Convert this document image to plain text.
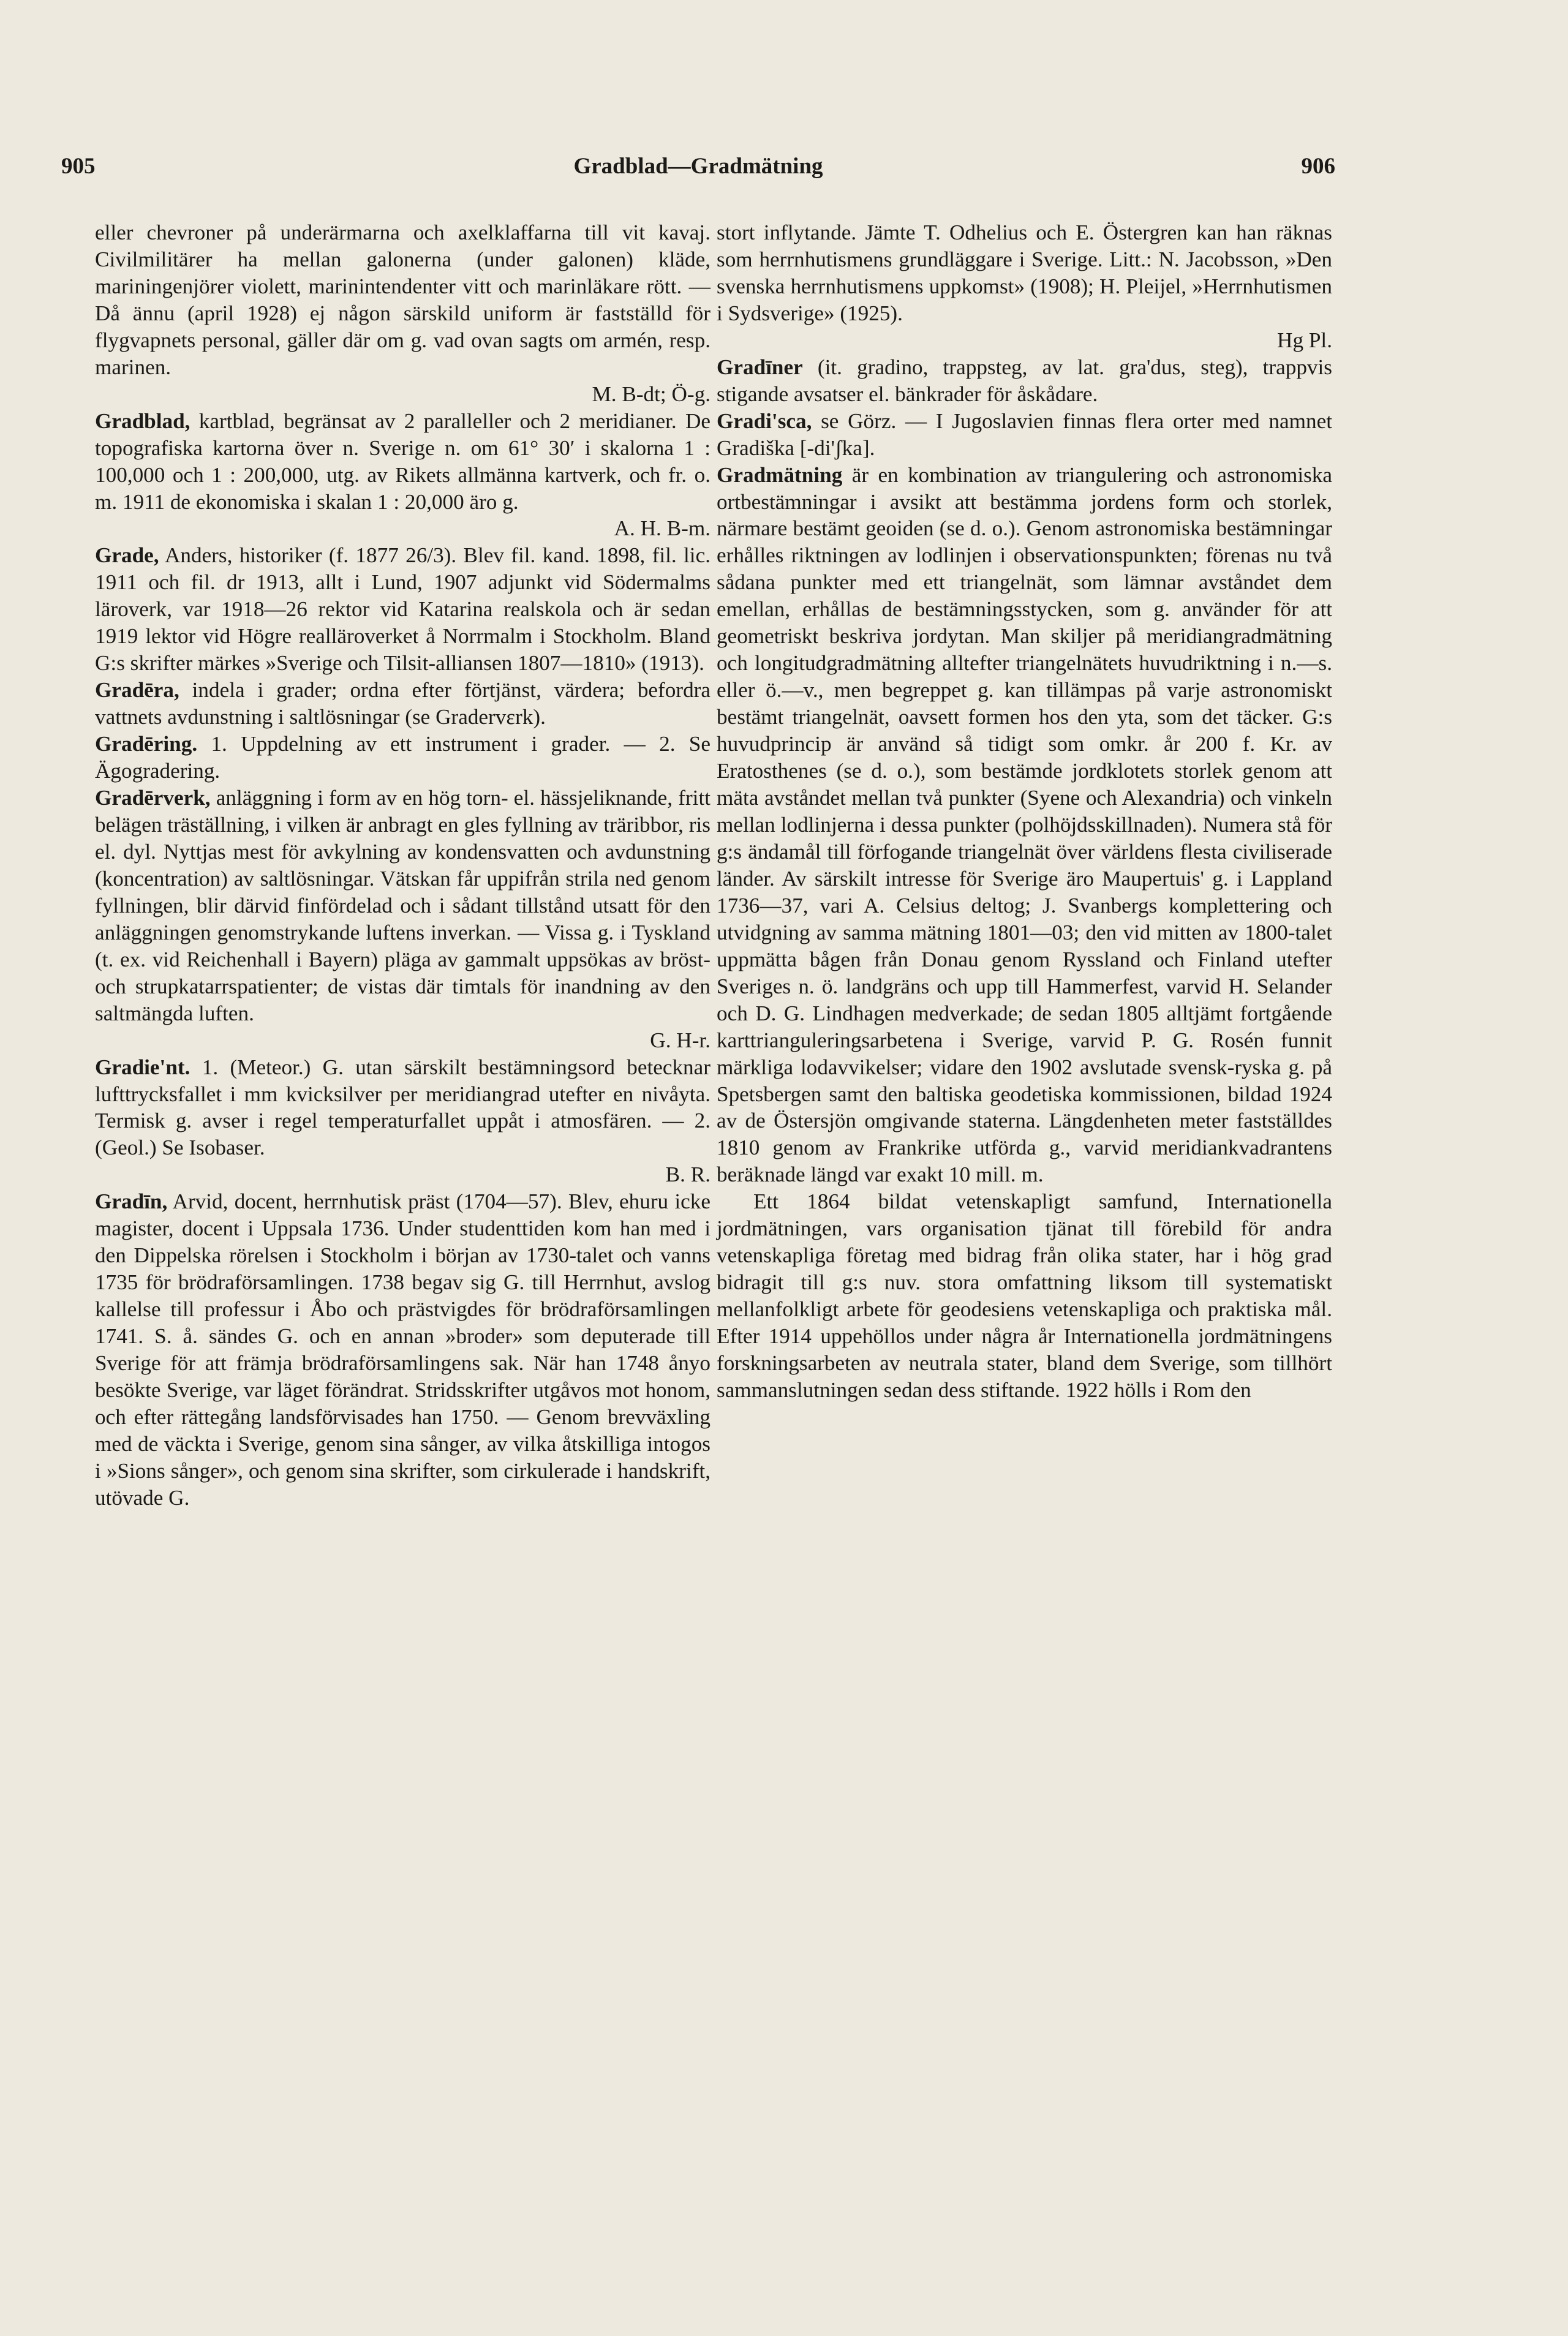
905	Gradblad—Gradmätning	906

eller chevroner på underärmarna och axelklaffarna till vit kavaj. Civilmilitärer ha mellan galonerna (under galonen) kläde, mariningenjörer violett, marinintendenter vitt och marinläkare rött. — Då ännu (april 1928) ej någon särskild uniform är fastställd för flygvapnets personal, gäller där om g. vad ovan sagts om armén, resp. marinen.
M. B-dt; Ö-g.

Gradblad, kartblad, begränsat av 2 paralleller och 2 meridianer. De topografiska kartorna över n. Sverige n. om 61° 30′ i skalorna 1 : 100,000 och 1 : 200,000, utg. av Rikets allmänna kartverk, och fr. o. m. 1911 de ekonomiska i skalan 1 : 20,000 äro g.
A. H. B-m.

Grade, Anders, historiker (f. 1877 26/3). Blev fil. kand. 1898, fil. lic. 1911 och fil. dr 1913, allt i Lund, 1907 adjunkt vid Södermalms läroverk, var 1918—26 rektor vid Katarina realskola och är sedan 1919 lektor vid Högre realläroverket å Norrmalm i Stockholm. Bland G:s skrifter märkes »Sverige och Tilsit-alliansen 1807—1810» (1913).

Gradēra, indela i grader; ordna efter förtjänst, värdera; befordra vattnets avdunstning i saltlösningar (se Gradervεrk).

Gradēring. 1. Uppdelning av ett instrument i grader. — 2. Se Ägogradering.

Gradērverk, anläggning i form av en hög torn- el. hässjeliknande, fritt belägen träställning, i vilken är anbragt en gles fyllning av träribbor, ris el. dyl. Nyttjas mest för avkylning av kondensvatten och avdunstning (koncentration) av saltlösningar. Vätskan får uppifrån strila ned genom fyllningen, blir därvid finfördelad och i sådant tillstånd utsatt för den anläggningen genomstrykande luftens inverkan. — Vissa g. i Tyskland (t. ex. vid Reichenhall i Bayern) pläga av gammalt uppsökas av bröst- och strupkatarrspatienter; de vistas där timtals för inandning av den saltmängda luften.
G. H-r.

Gradie'nt. 1. (Meteor.) G. utan särskilt bestämningsord betecknar lufttrycksfallet i mm kvicksilver per meridiangrad utefter en nivåyta. Termisk g. avser i regel temperaturfallet uppåt i atmosfären. — 2. (Geol.) Se Isobaser.
B. R.

Gradīn, Arvid, docent, herrnhutisk präst (1704—57). Blev, ehuru icke magister, docent i Uppsala 1736. Under studenttiden kom han med i den Dippelska rörelsen i Stockholm i början av 1730-talet och vanns 1735 för brödraförsamlingen. 1738 begav sig G. till Herrnhut, avslog kallelse till professur i Åbo och prästvigdes för brödraförsamlingen 1741. S. å. sändes G. och en annan »broder» som deputerade till Sverige för att främja brödraförsamlingens sak. När han 1748 ånyo besökte Sverige, var läget förändrat. Stridsskrifter utgåvos mot honom, och efter rättegång landsförvisades han 1750. — Genom brevväxling med de väckta i Sverige, genom sina sånger, av vilka åtskilliga intogos i »Sions sånger», och genom sina skrifter, som cirkulerade i handskrift, utövade G.

stort inflytande. Jämte T. Odhelius och E. Östergren kan han räknas som herrnhutismens grundläggare i Sverige. Litt.: N. Jacobsson, »Den svenska herrnhutismens uppkomst» (1908); H. Pleijel, »Herrnhutismen i Sydsverige» (1925).
Hg Pl.

Gradīner (it. gradino, trappsteg, av lat. gra'dus, steg), trappvis stigande avsatser el. bänkrader för åskådare.

Gradi'sca, se Görz. — I Jugoslavien finnas flera orter med namnet Gradiška [-di'ʃka].

Gradmätning är en kombination av triangulering och astronomiska ortbestämningar i avsikt att bestämma jordens form och storlek, närmare bestämt geoiden (se d. o.). Genom astronomiska bestämningar erhålles riktningen av lodlinjen i observationspunkten; förenas nu två sådana punkter med ett triangelnät, som lämnar avståndet dem emellan, erhållas de bestämningsstycken, som g. använder för att geometriskt beskriva jordytan. Man skiljer på meridiangradmätning och longitudgradmätning alltefter triangelnätets huvudriktning i n.—s. eller ö.—v., men begreppet g. kan tillämpas på varje astronomiskt bestämt triangelnät, oavsett formen hos den yta, som det täcker. G:s huvudprincip är använd så tidigt som omkr. år 200 f. Kr. av Eratosthenes (se d. o.), som bestämde jordklotets storlek genom att mäta avståndet mellan två punkter (Syene och Alexandria) och vinkeln mellan lodlinjerna i dessa punkter (polhöjdsskillnaden). Numera stå för g:s ändamål till förfogande triangelnät över världens flesta civiliserade länder. Av särskilt intresse för Sverige äro Maupertuis' g. i Lappland 1736—37, vari A. Celsius deltog; J. Svanbergs komplettering och utvidgning av samma mätning 1801—03; den vid mitten av 1800-talet uppmätta bågen från Donau genom Ryssland och Finland utefter Sveriges n. ö. landgräns och upp till Hammerfest, varvid H. Selander och D. G. Lindhagen medverkade; de sedan 1805 alltjämt fortgående karttrianguleringsarbetena i Sverige, varvid P. G. Rosén funnit märkliga lodavvikelser; vidare den 1902 avslutade svensk-ryska g. på Spetsbergen samt den baltiska geodetiska kommissionen, bildad 1924 av de Östersjön omgivande staterna. Längdenheten meter fastställdes 1810 genom av Frankrike utförda g., varvid meridiankvadrantens beräknade längd var exakt 10 mill. m.

Ett 1864 bildat vetenskapligt samfund, Internationella jordmätningen, vars organisation tjänat till förebild för andra vetenskapliga företag med bidrag från olika stater, har i hög grad bidragit till g:s nuv. stora omfattning liksom till systematiskt mellanfolkligt arbete för geodesiens vetenskapliga och praktiska mål. Efter 1914 uppehöllos under några år Internationella jordmätningens forskningsarbeten av neutrala stater, bland dem Sverige, som tillhört sammanslutningen sedan dess stiftande. 1922 hölls i Rom den
